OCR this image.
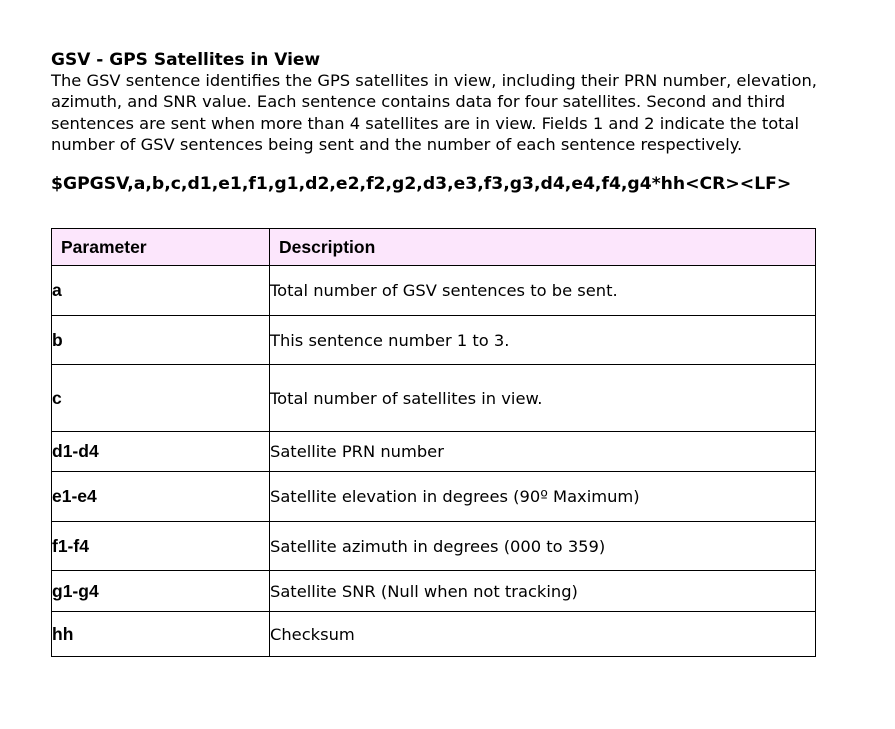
GSV - GPS Satellites in View

The GSV sentence identifies the GPS satellites in view, including their PRN number, elevation, azimuth, and SNR value. Each sentence contains data for four satellites. Second and third sentences are sent when more than 4 satellites are in view. Fields 1 and 2 indicate the total number of GSV sentences being sent and the number of each sentence respectively.

$GPGSV,a,b,c,d1,e1,f1,g1,d2,e2,f2,g2,d3,e3,f3,g3,d4,e4,f4,g4*hh<CR><LF>

Parameter	Description
a	Total number of GSV sentences to be sent.
b	This sentence number 1 to 3.
c	Total number of satellites in view.
d1-d4	Satellite PRN number
e1-e4	Satellite elevation in degrees (90º Maximum)
f1-f4	Satellite azimuth in degrees (000 to 359)
g1-g4	Satellite SNR (Null when not tracking)
hh	Checksum
